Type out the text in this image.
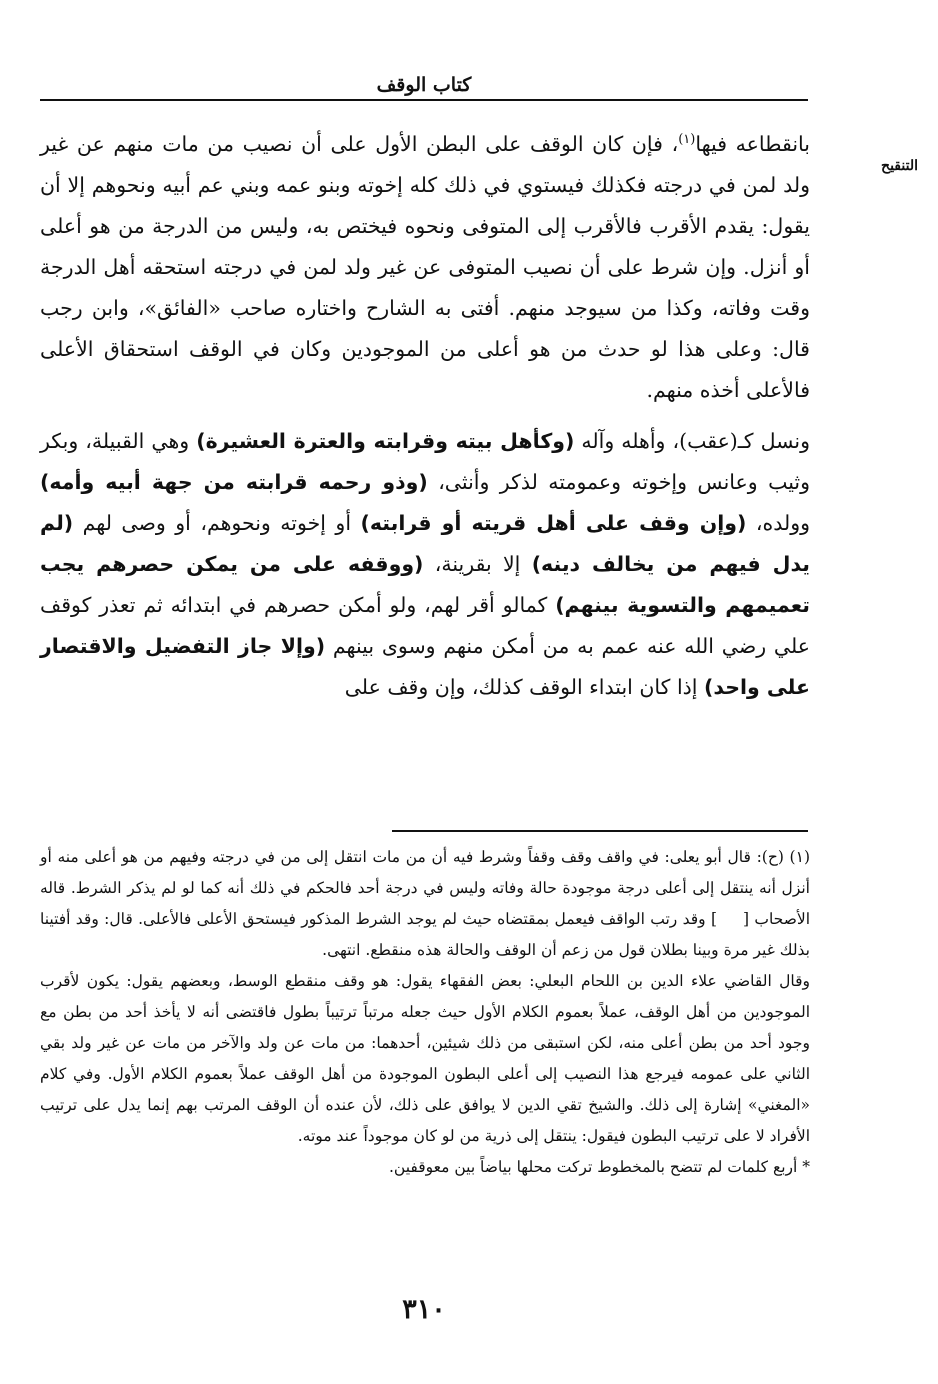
كتاب الوقف
التنقيح

بانقطاعه فيها$^{(١)}$، فإن كان الوقف على البطن الأول على أن نصيب من مات منهم عن غير ولد لمن في درجته فكذلك فيستوي في ذلك كله إخوته وبنو عمه وبني عم أبيه ونحوهم إلا أن يقول: يقدم الأقرب فالأقرب إلى المتوفى ونحوه فيختص به، وليس من الدرجة من هو أعلى أو أنزل. وإن شرط على أن نصيب المتوفى عن غير ولد لمن في درجته استحقه أهل الدرجة وقت وفاته، وكذا من سيوجد منهم. أفتى به الشارح واختاره صاحب «الفائق»، وابن رجب قال: وعلى هذا لو حدث من هو أعلى من الموجودين وكان في الوقف استحقاق الأعلى فالأعلى أخذه منهم.

ونسل كـ(عقب)، وأهله وآله (وكأهل بيته وقرابته والعترة العشيرة) وهي القبيلة، وبكر وثيب وعانس وإخوته وعمومته لذكر وأنثى، (وذو رحمه قرابته من جهة أبيه وأمه) وولده، (وإن وقف على أهل قريته أو قرابته) أو إخوته ونحوهم، أو وصى لهم (لم يدل فيهم من يخالف دينه) إلا بقرينة، (ووقفه على من يمكن حصرهم يجب تعميمهم والتسوية بينهم) كمالو أقر لهم، ولو أمكن حصرهم في ابتدائه ثم تعذر كوقف علي رضي الله عنه عمم به من أمكن منهم وسوى بينهم (وإلا جاز التفضيل والاقتصار على واحد) إذا كان ابتداء الوقف كذلك، وإن وقف على

(١) (ح): قال أبو يعلى: في واقف وقف وقفاً وشرط فيه أن من مات انتقل إلى من في درجته وفيهم من هو أعلى منه أو أنزل أنه ينتقل إلى أعلى درجة موجودة حالة وفاته وليس في درجة أحد فالحكم في ذلك أنه كما لو لم يذكر الشرط. قاله الأصحاب [] وقد رتب الواقف فيعمل بمقتضاه حيث لم يوجد الشرط المذكور فيستحق الأعلى فالأعلى. قال: وقد أفتينا بذلك غير مرة وبينا بطلان قول من زعم أن الوقف والحالة هذه منقطع. انتهى.

وقال القاضي علاء الدين بن اللحام البعلي: بعض الفقهاء يقول: هو وقف منقطع الوسط، وبعضهم يقول: يكون لأقرب الموجودين من أهل الوقف، عملاً بعموم الكلام الأول حيث جعله مرتباً ترتيباً بطول فاقتضى أنه لا يأخذ أحد من بطن مع وجود أحد من بطن أعلى منه، لكن استبقى من ذلك شيئين، أحدهما: من مات عن ولد والآخر من مات عن غير ولد بقي الثاني على عمومه فيرجع هذا النصيب إلى أعلى البطون الموجودة من أهل الوقف عملاً بعموم الكلام الأول. وفي كلام «المغني» إشارة إلى ذلك. والشيخ تقي الدين لا يوافق على ذلك، لأن عنده أن الوقف المرتب بهم إنما يدل على ترتيب الأفراد لا على ترتيب البطون فيقول: ينتقل إلى ذرية من لو كان موجوداً عند موته.

* أربع كلمات لم تتضح بالمخطوط تركت محلها بياضاً بين معوقفين.

٣١٠
